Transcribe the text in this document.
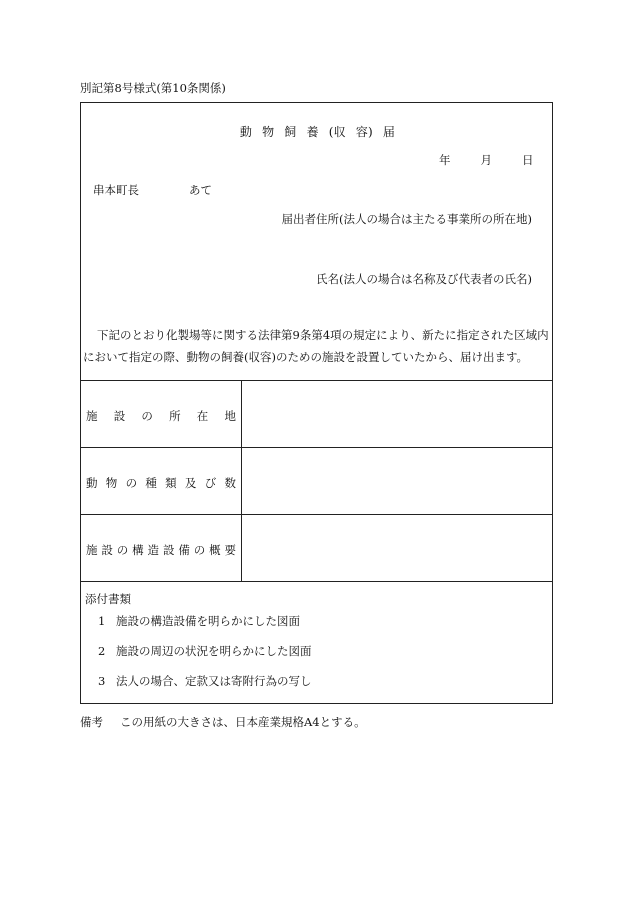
別記第8号様式(第10条関係)
動 物 飼 養 (収 容) 届
年	月	日
串本町長	あて
届出者住所(法人の場合は主たる事業所の所在地)
氏名(法人の場合は名称及び代表者の氏名)
下記のとおり化製場等に関する法律第9条第4項の規定により、新たに指定された区域内において指定の際、動物の飼養(収容)のための施設を設置していたから、届け出ます。
施設の所在地
動物の種類及び数
施設の構造設備の概要
添付書類
1 施設の構造設備を明らかにした図面
2 施設の周辺の状況を明らかにした図面
3 法人の場合、定款又は寄附行為の写し
備考 この用紙の大きさは、日本産業規格A4とする。
